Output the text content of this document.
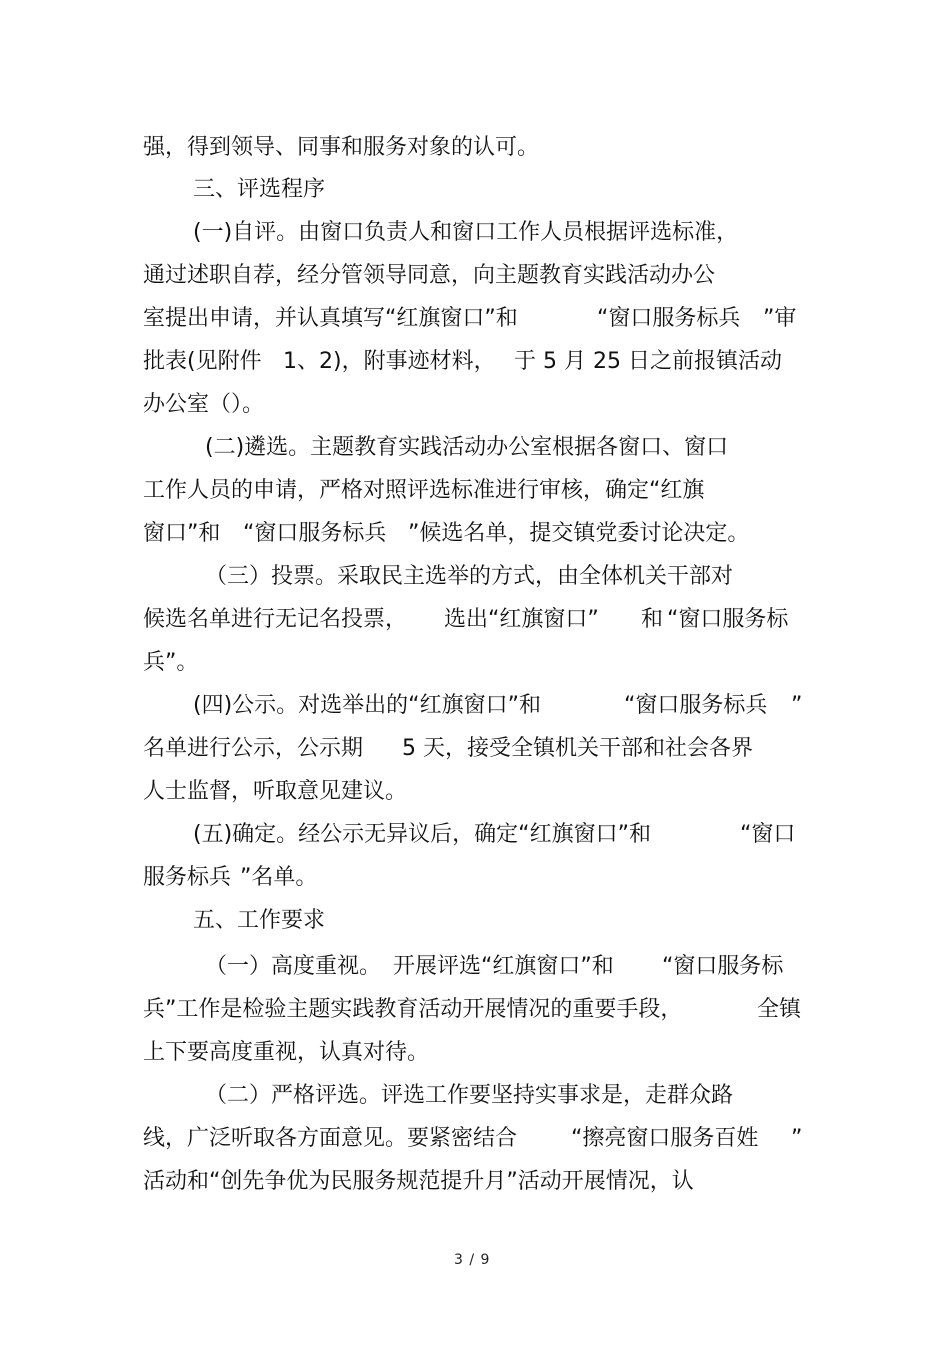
强，得到领导、同事和服务对象的认可。
三、评选程序
(一)自评。由窗口负责人和窗口工作人员根据评选标准，
通过述职自荐，经分管领导同意，向主题教育实践活动办公
室提出申请，并认真填写“红旗窗口”和	“窗口服务标兵 ”审
批表(见附件 1、2)，附事迹材料， 于 5 月 25 日之前报镇活动
办公室（）。
(二)遴选。主题教育实践活动办公室根据各窗口、窗口
工作人员的申请，严格对照评选标准进行审核，确定“红旗
窗口”和 “窗口服务标兵 ”候选名单，提交镇党委讨论决定。
（三）投票。采取民主选举的方式，由全体机关干部对
候选名单进行无记名投票， 选出“红旗窗口” 和 “窗口服务标
兵”。
(四)公示。对选举出的“红旗窗口”和	“窗口服务标兵 ”
名单进行公示，公示期 5 天，接受全镇机关干部和社会各界
人士监督，听取意见建议。
(五)确定。经公示无异议后，确定“红旗窗口”和	“窗口
服务标兵 ”名单。
五、工作要求
（一）高度重视。 开展评选“红旗窗口”和 “窗口服务标
兵”工作是检验主题实践教育活动开展情况的重要手段，	全镇
上下要高度重视，认真对待。
（二）严格评选。评选工作要坚持实事求是，走群众路
线，广泛听取各方面意见。要紧密结合 “擦亮窗口服务百姓 ”
活动和“创先争优为民服务规范提升月”活动开展情况，认
3 / 9
